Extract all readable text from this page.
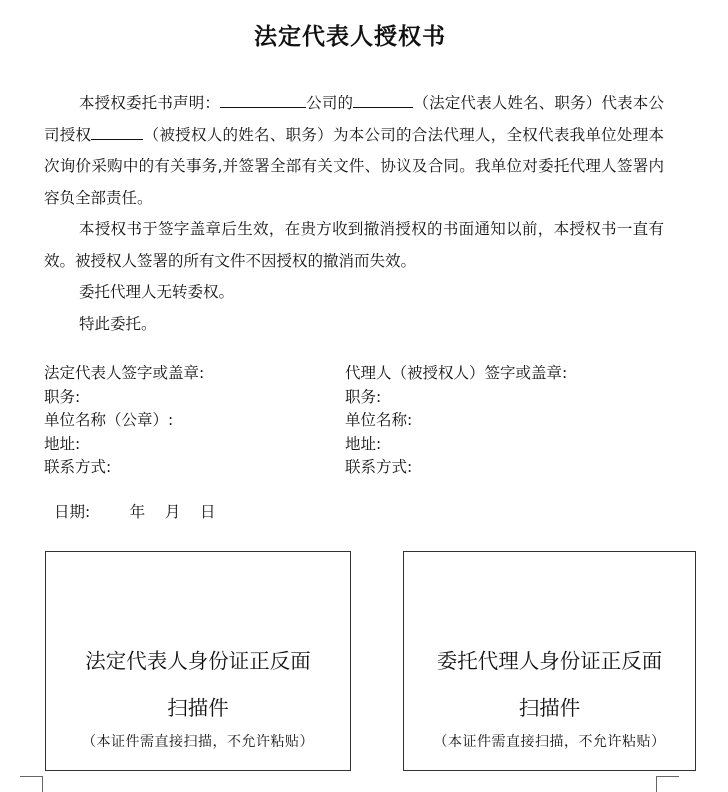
法定代表人授权书

本授权委托书声明：	公司的	（法定代表人姓名、职务）代表本公司授权	（被授权人的姓名、职务）为本公司的合法代理人，全权代表我单位处理本次询价采购中的有关事务,并签署全部有关文件、协议及合同。我单位对委托代理人签署内容负全部责任。

本授权书于签字盖章后生效，在贵方收到撤消授权的书面通知以前，本授权书一直有效。被授权人签署的所有文件不因授权的撤消而失效。

委托代理人无转委权。

特此委托。

法定代表人签字或盖章:
职务:
单位名称（公章）:
地址:
联系方式:
代理人（被授权人）签字或盖章:
职务:
单位名称:
地址:
联系方式:
日期:        年    月    日
法定代表人身份证正反面
扫描件
（本证件需直接扫描，不允许粘贴）
委托代理人身份证正反面
扫描件
（本证件需直接扫描，不允许粘贴）
